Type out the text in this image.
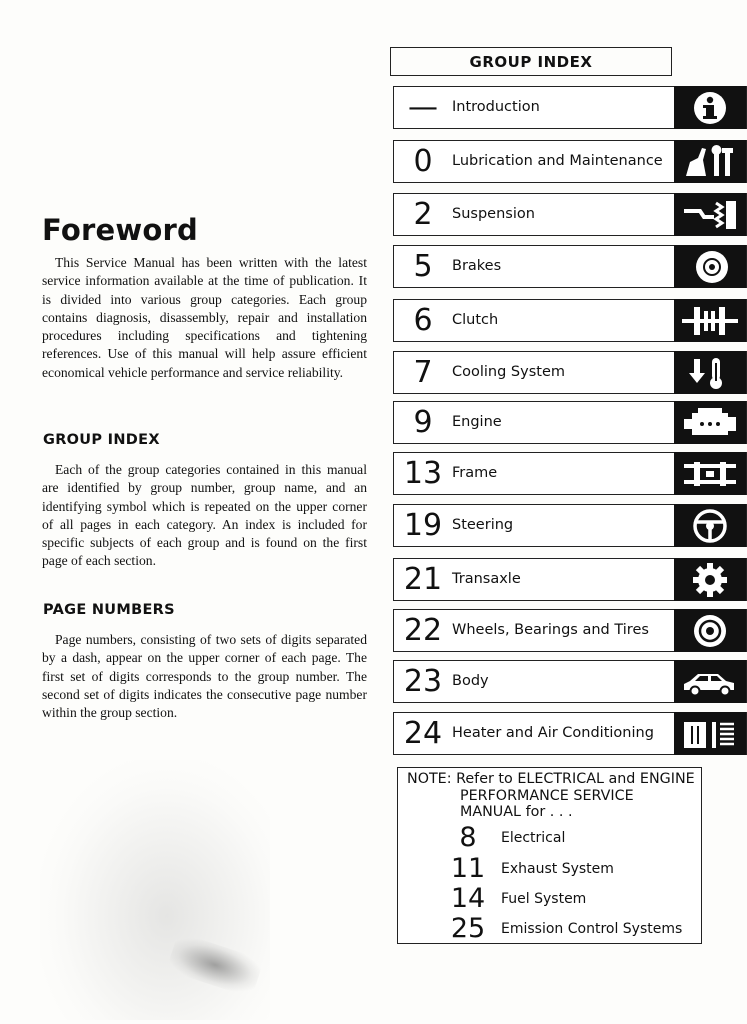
Foreword

This Service Manual has been written with the latest service information available at the time of publication. It is divided into various group categories. Each group contains diagnosis, disassembly, repair and installation procedures including specifications and tightening references. Use of this manual will help assure efficient economical vehicle performance and service reliability.

GROUP INDEX

Each of the group categories contained in this manual are identified by group number, group name, and an identifying symbol which is repeated on the upper corner of all pages in each category. An index is included for specific subjects of each group and is found on the first page of each section.

PAGE NUMBERS

Page numbers, consisting of two sets of digits separated by a dash, appear on the upper corner of each page. The first set of digits corresponds to the group number. The second set of digits indicates the consecutive page number within the group section.

GROUP INDEX
— Introduction
0	Lubrication and Maintenance
2	Suspension
5	Brakes
6	Clutch
7	Cooling System
9	Engine
13 Frame
19 Steering
21 Transaxle
22 Wheels, Bearings and Tires
23 Body
24 Heater and Air Conditioning
NOTE: Refer to ELECTRICAL and ENGINE
PERFORMANCE SERVICE
MANUAL for . . .
8	Electrical
11	Exhaust System
14	Fuel System
25	Emission Control Systems
